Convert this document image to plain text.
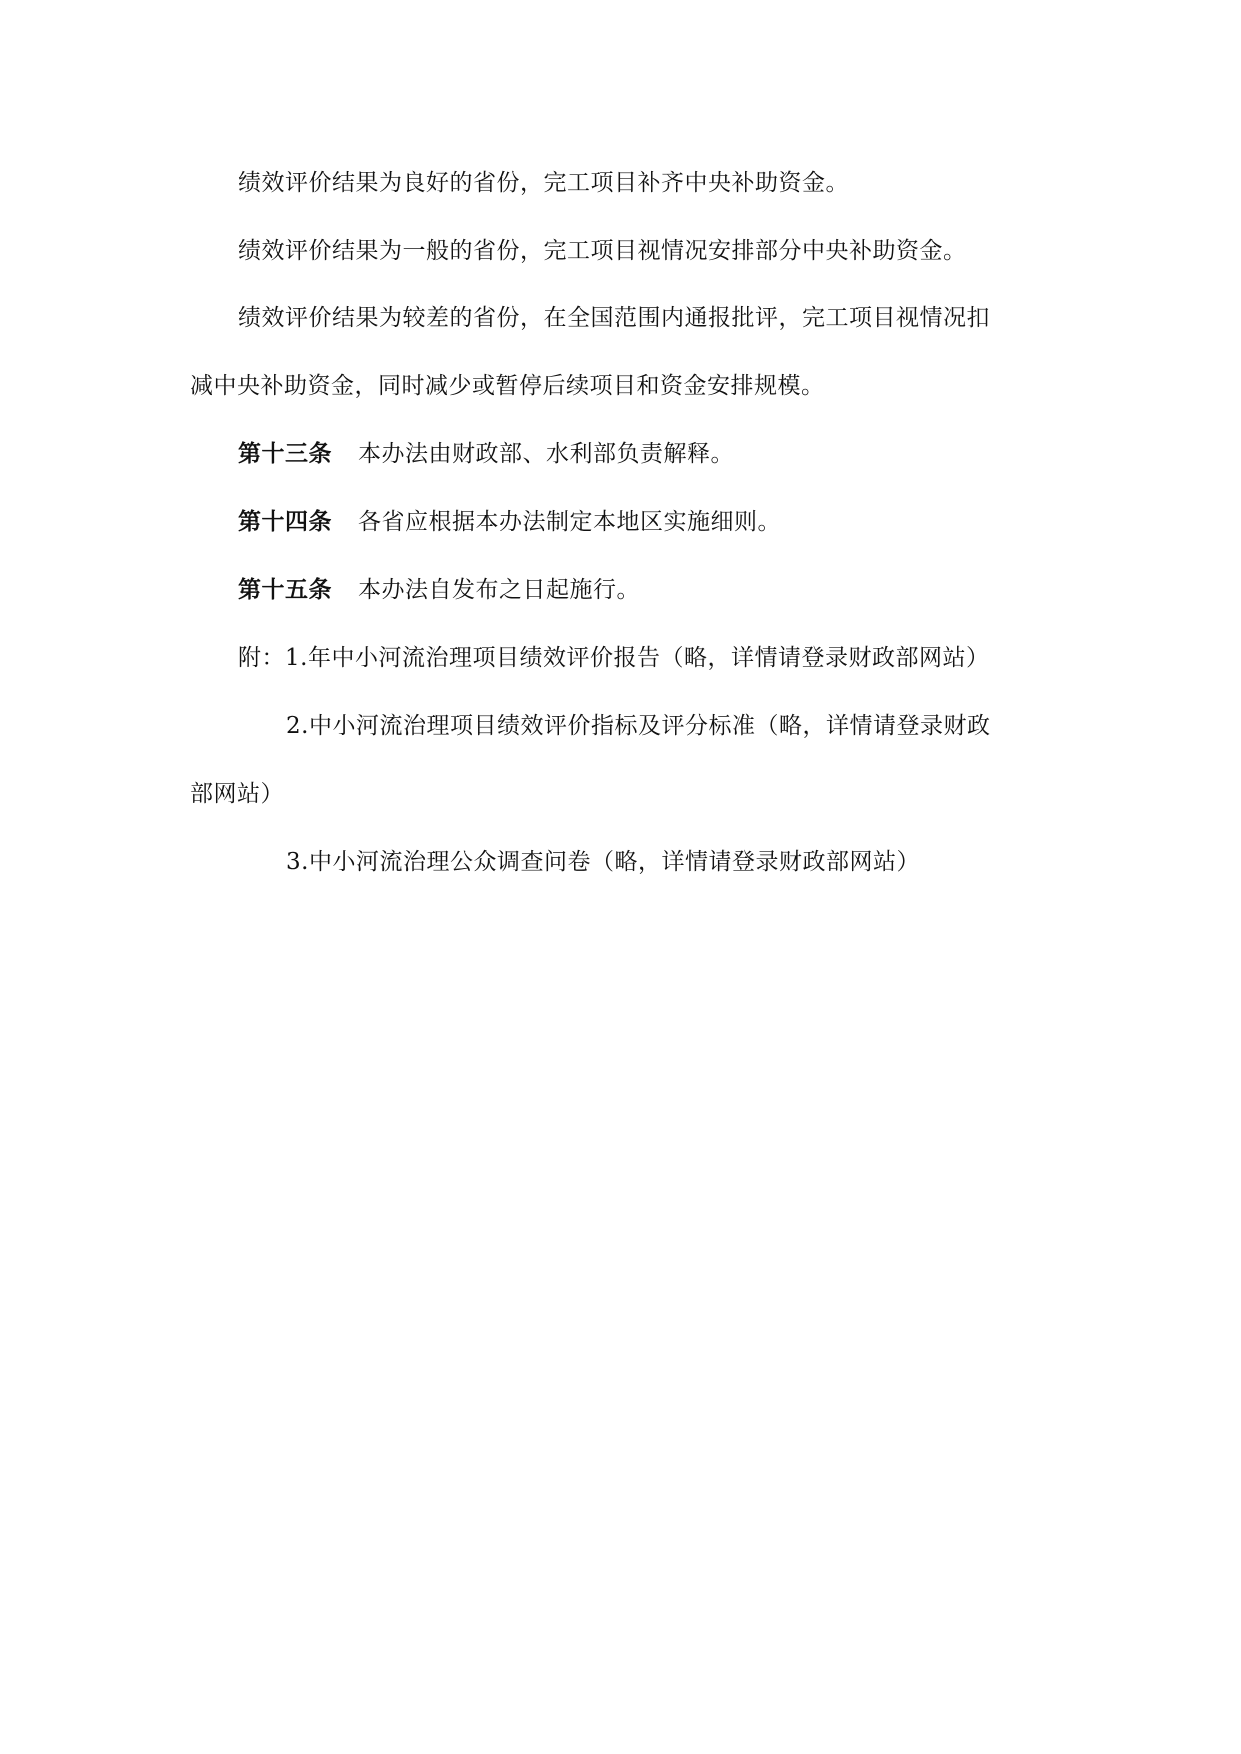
绩效评价结果为良好的省份，完工项目补齐中央补助资金。
绩效评价结果为一般的省份，完工项目视情况安排部分中央补助资金。
绩效评价结果为较差的省份，在全国范围内通报批评，完工项目视情况扣
减中央补助资金，同时减少或暂停后续项目和资金安排规模。
第十三条 本办法由财政部、水利部负责解释。
第十四条 各省应根据本办法制定本地区实施细则。
第十五条 本办法自发布之日起施行。
附：1.年中小河流治理项目绩效评价报告（略，详情请登录财政部网站）
2.中小河流治理项目绩效评价指标及评分标准（略，详情请登录财政
部网站）
3.中小河流治理公众调查问卷（略，详情请登录财政部网站）
